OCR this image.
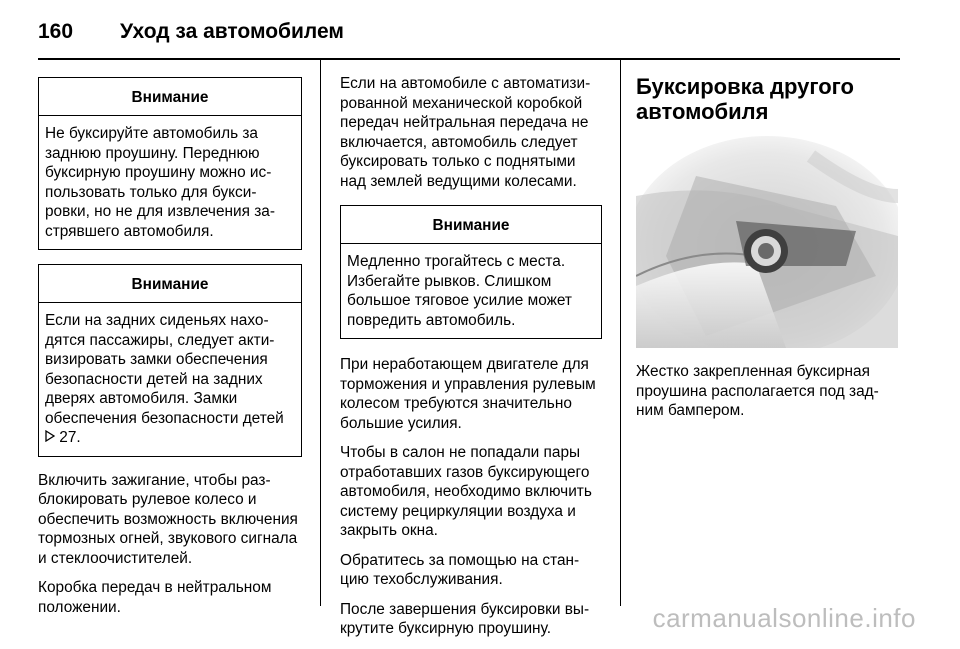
160 Уход за автомобилем
Внимание

Не буксируйте автомобиль за заднюю проушину. Переднюю буксирную проушину можно использовать только для буксировки, но не для извлечения застрявшего автомобиля.

Внимание

Если на задних сиденьях находятся пассажиры, следует активизировать замки обеспечения безопасности детей на задних дверях автомобиля. Замки обеспечения безопасности детей  27.

Включить зажигание, чтобы разблокировать рулевое колесо и обеспечить возможность включения тормозных огней, звукового сигнала и стеклоочистителей.

Коробка передач в нейтральном положении.

Если на автомобиле с автоматизированной механической коробкой передач нейтральная передача не включается, автомобиль следует буксировать только с поднятыми над землей ведущими колесами.

Внимание

Медленно трогайтесь с места. Избегайте рывков. Слишком большое тяговое усилие может повредить автомобиль.

При неработающем двигателе для торможения и управления рулевым колесом требуются значительно большие усилия.

Чтобы в салон не попадали пары отработавших газов буксирующего автомобиля, необходимо включить систему рециркуляции воздуха и закрыть окна.

Обратитесь за помощью на станцию техобслуживания.

После завершения буксировки выкрутите буксирную проушину.

Буксировка другого автомобиля

Жестко закрепленная буксирная проушина располагается под задним бампером.

carmanualsonline.info
